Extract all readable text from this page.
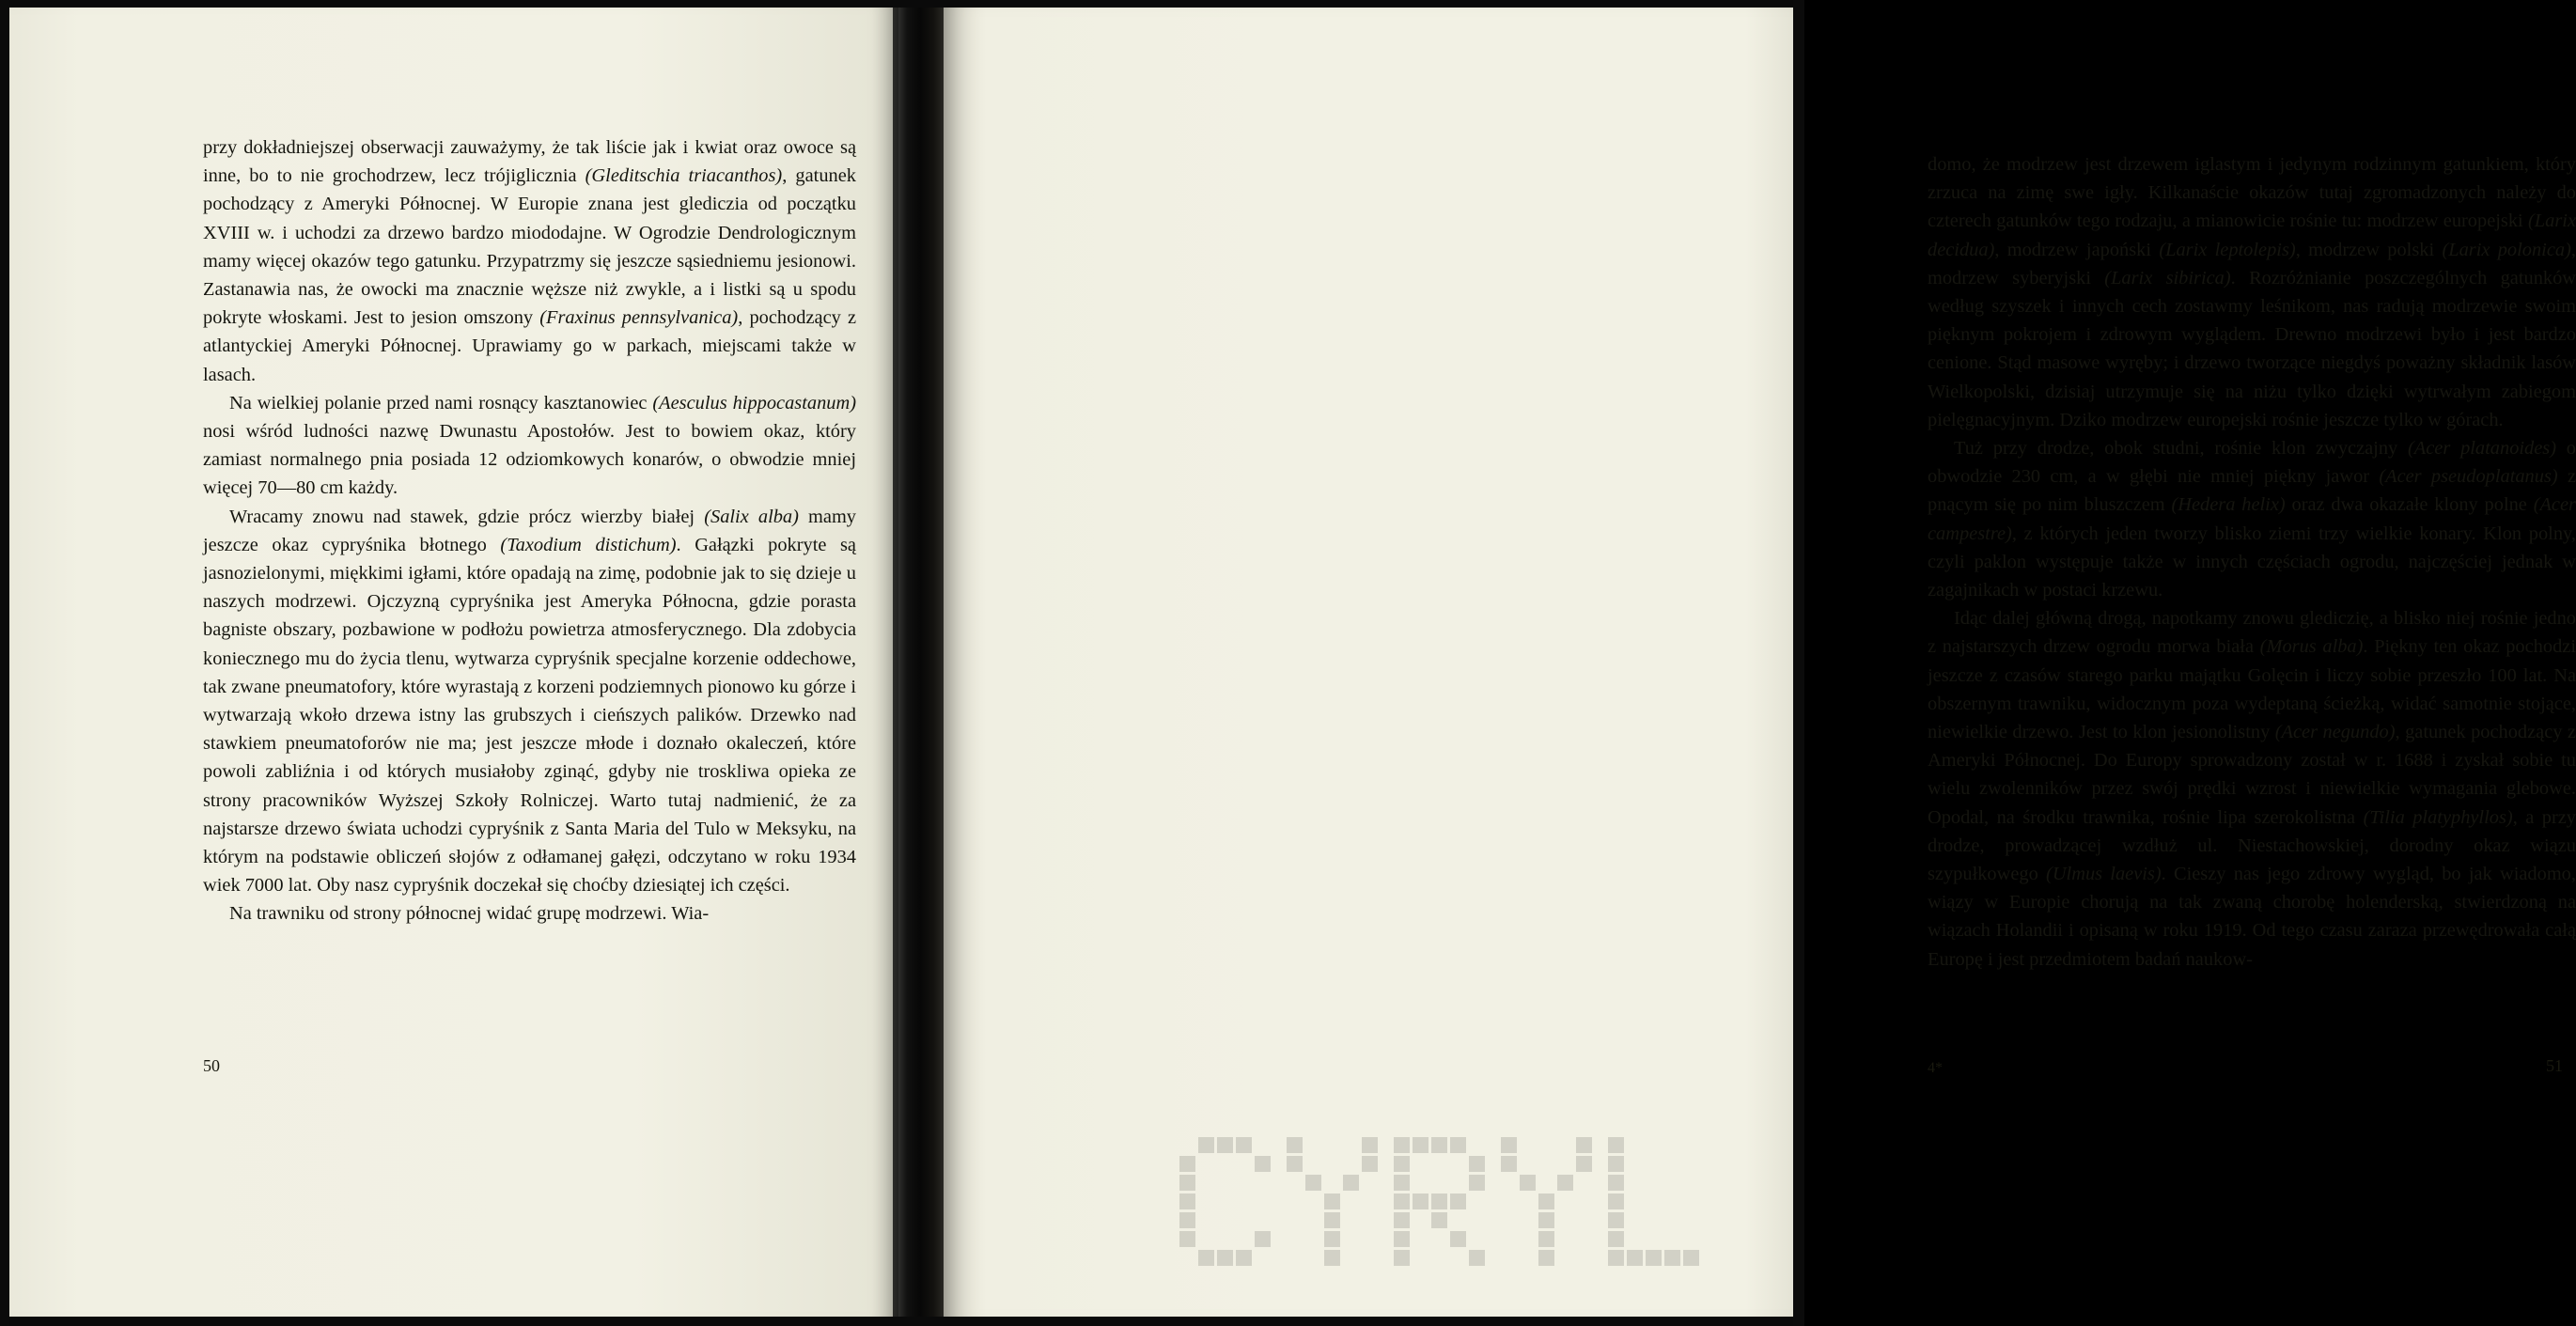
przy dokładniejszej obserwacji zauważymy, że tak liście jak i kwiat oraz owoce są inne, bo to nie grochodrzew, lecz trójiglicznia (Gleditschia triacanthos), gatunek pochodzący z Ameryki Północnej. W Europie znana jest gledicziа od początku XVIII w. i uchodzi za drzewo bardzo miododajne. W Ogrodzie Dendrologicznym mamy więcej okazów tego gatunku. Przypatrzmy się jeszcze sąsiedniemu jesionowi. Zastanawia nas, że owocki ma znacznie węższe niż zwykle, a i listki są u spodu pokryte włoskami. Jest to jesion omszony (Fraxinus pennsylvanica), pochodzący z atlantyckiej Ameryki Północnej. Uprawiamy go w parkach, miejscami także w lasach.

Na wielkiej polanie przed nami rosnący kasztanowiec (Aesculus hippocastanum) nosi wśród ludności nazwę Dwunastu Apostołów. Jest to bowiem okaz, który zamiast normalnego pnia posiada 12 odziomkowych konarów, o obwodzie mniej więcej 70—80 cm każdy.

Wracamy znowu nad stawek, gdzie prócz wierzby białej (Salix alba) mamy jeszcze okaz cypryśnika błotnego (Taxodium distichum). Gałązki pokryte są jasnozielonymi, miękkimi igłami, które opadają na zimę, podobnie jak to się dzieje u naszych modrzewi. Ojczyzną cypryśnika jest Ameryka Północna, gdzie porasta bagniste obszary, pozbawione w podłożu powietrza atmosferycznego. Dla zdobycia koniecznego mu do życia tlenu, wytwarza cypryśnik specjalne korzenie oddechowe, tak zwane pneumatofory, które wyrastają z korzeni podziemnych pionowo ku górze i wytwarzają wkoło drzewa istny las grubszych i cieńszych palików. Drzewko nad stawkiem pneumatoforów nie ma; jest jeszcze młode i doznało okaleczeń, które powoli zabliźnia i od których musiałoby zginąć, gdyby nie troskliwa opieka ze strony pracowników Wyższej Szkoły Rolniczej. Warto tutaj nadmienić, że za najstarsze drzewo świata uchodzi cypryśnik z Santa Maria del Tulo w Meksyku, na którym na podstawie obliczeń słojów z odłamanej gałęzi, odczytano w roku 1934 wiek 7000 lat. Oby nasz cypryśnik doczekał się choćby dziesiątej ich części.

Na trawniku od strony północnej widać grupę modrzewi. Wia-

50

domo, że modrzew jest drzewem iglastym i jedynym rodzinnym gatunkiem, który zrzuca na zimę swe igły. Kilkanaście okazów tutaj zgromadzonych należy do czterech gatunków tego rodzaju, a mianowicie rośnie tu: modrzew europejski (Larix decidua), modrzew japoński (Larix leptolepis), modrzew polski (Larix polonica), modrzew syberyjski (Larix sibirica). Rozróżnianie poszczególnych gatunków według szyszek i innych cech zostawmy leśnikom, nas radują modrzewie swoim pięknym pokrojem i zdrowym wyglądem. Drewno modrzewi było i jest bardzo cenione. Stąd masowe wyręby; i drzewo tworzące niegdyś poważny składnik lasów Wielkopolski, dzisiaj utrzymuje się na niżu tylko dzięki wytrwałym zabiegom pielęgnacyjnym. Dziko modrzew europejski rośnie jeszcze tylko w górach.

Tuż przy drodze, obok studni, rośnie klon zwyczajny (Acer platanoides) o obwodzie 230 cm, a w głębi nie mniej piękny jawor (Acer pseudoplatanus) z pnącym się po nim bluszczem (Hedera helix) oraz dwa okazałe klony polne (Acer campestre), z których jeden tworzy blisko ziemi trzy wielkie konary. Klon polny, czyli paklon występuje także w innych częściach ogrodu, najczęściej jednak w zagajnikach w postaci krzewu.

Idąc dalej główną drogą, napotkamy znowu glediczię, a blisko niej rośnie jedno z najstarszych drzew ogrodu morwa biała (Morus alba). Piękny ten okaz pochodzi jeszcze z czasów starego parku majątku Golęcin i liczy sobie przeszło 100 lat. Na obszernym trawniku, widocznym poza wydeptaną ścieżką, widać samotnie stojące, niewielkie drzewo. Jest to klon jesionolistny (Acer negundo), gatunek pochodzący z Ameryki Północnej. Do Europy sprowadzony został w r. 1688 i zyskał sobie tu wielu zwolenników przez swój prędki wzrost i niewielkie wymagania glebowe. Opodal, na środku trawnika, rośnie lipa szerokolistna (Tilia platyphyllos), a przy drodze, prowadzącej wzdłuż ul. Niestachowskiej, dorodny okaz wiązu szypułkowego (Ulmus laevis). Cieszy nas jego zdrowy wygląd, bo jak wiadomo, wiązy w Europie chorują na tak zwaną chorobę holenderską, stwierdzoną na wiązach Holandii i opisaną w roku 1919. Od tego czasu zaraza przewędrowała całą Europę i jest przedmiotem badań naukow-

4*	51
